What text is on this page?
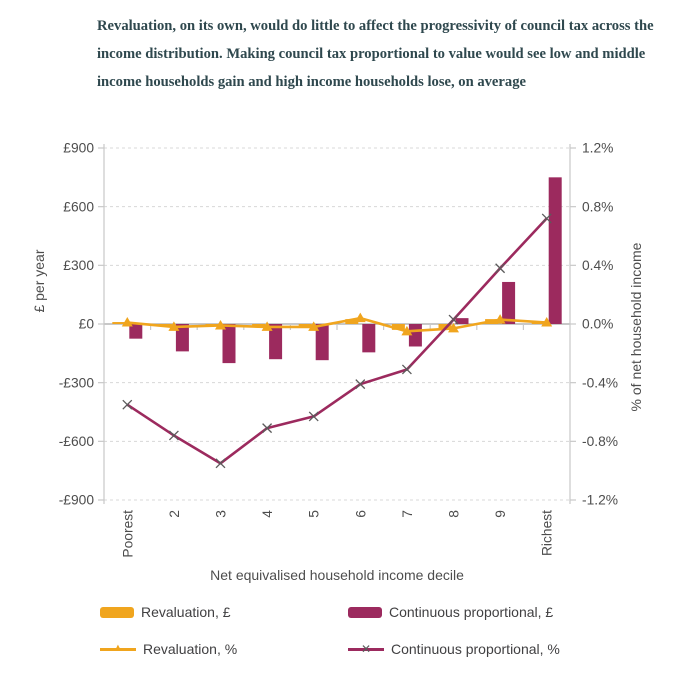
Revaluation, on its own, would do little to affect the progressivity of council tax across the
income distribution. Making council tax proportional to value would see low and middle
income households gain and high income households lose, on average
£900
£600
£300
£0
-£300
-£600
-£900
1.2%
0.8%
0.4%
0.0%
-0.4%
-0.8%
-1.2%
Poorest 2 3 4 5 6 7 8 9 Richest
£ per year	% of net household income
Net equivalised household income decile
Revaluation, £	Continuous proportional, £
▲ Revaluation, %	✕ Continuous proportional, %
